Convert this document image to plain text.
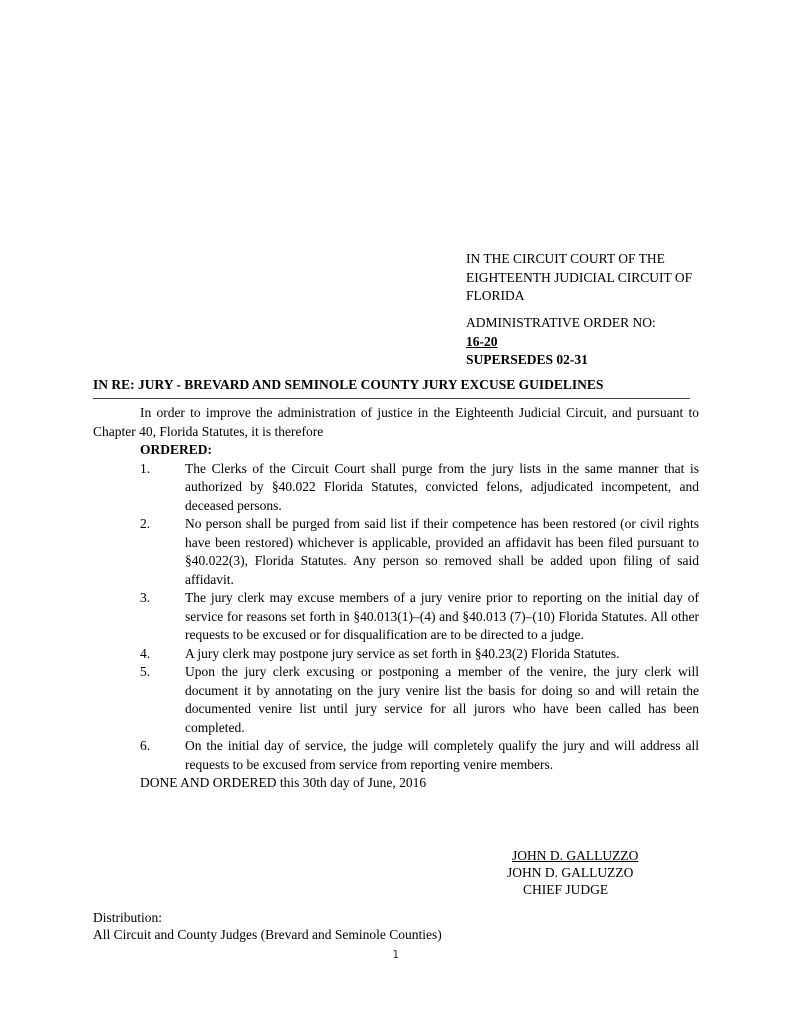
IN THE CIRCUIT COURT OF THE
EIGHTEENTH JUDICIAL CIRCUIT OF
FLORIDA
ADMINISTRATIVE ORDER NO:
16-20
SUPERSEDES 02-31
IN RE: JURY - BREVARD AND SEMINOLE COUNTY JURY EXCUSE GUIDELINES

In order to improve the administration of justice in the Eighteenth Judicial Circuit, and pursuant to Chapter 40, Florida Statutes, it is therefore

ORDERED:

1.	The Clerks of the Circuit Court shall purge from the jury lists in the same manner that is authorized by §40.022 Florida Statutes, convicted felons, adjudicated incompetent, and deceased persons.
2.	No person shall be purged from said list if their competence has been restored (or civil rights have been restored) whichever is applicable, provided an affidavit has been filed pursuant to §40.022(3), Florida Statutes. Any person so removed shall be added upon filing of said affidavit.
3.	The jury clerk may excuse members of a jury venire prior to reporting on the initial day of service for reasons set forth in §40.013(1)–(4) and §40.013 (7)–(10) Florida Statutes. All other requests to be excused or for disqualification are to be directed to a judge.
4.	A jury clerk may postpone jury service as set forth in §40.23(2) Florida Statutes.
5.	Upon the jury clerk excusing or postponing a member of the venire, the jury clerk will document it by annotating on the jury venire list the basis for doing so and will retain the documented venire list until jury service for all jurors who have been called has been completed.
6.	On the initial day of service, the judge will completely qualify the jury and will address all requests to be excused from service from reporting venire members.

DONE AND ORDERED this 30th day of June, 2016

JOHN D. GALLUZZO
JOHN D. GALLUZZO
CHIEF JUDGE
Distribution:
All Circuit and County Judges (Brevard and Seminole Counties)
1
